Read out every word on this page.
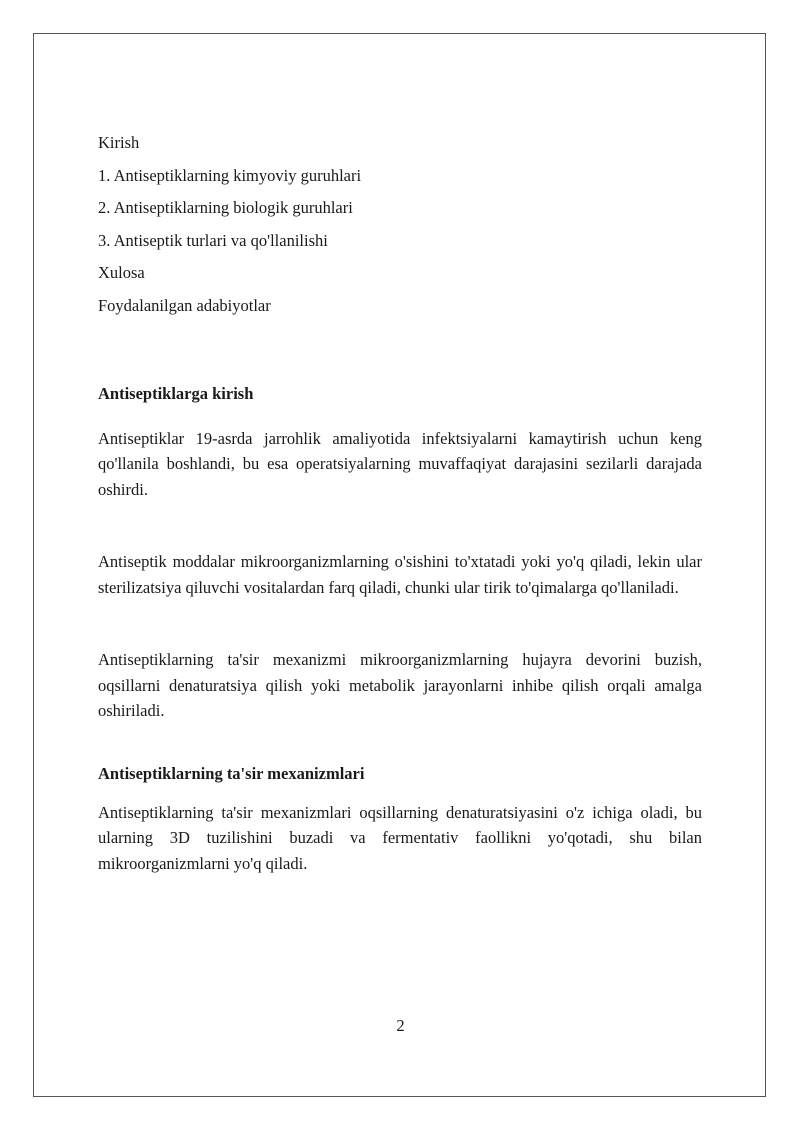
Kirish
1. Antiseptiklarning kimyoviy guruhlari
2. Antiseptiklarning biologik guruhlari
3. Antiseptik turlari va qo'llanilishi
Xulosa
Foydalanilgan adabiyotlar
Antiseptiklarga kirish

Antiseptiklar 19-asrda jarrohlik amaliyotida infektsiyalarni kamaytirish uchun keng qo'llanila boshlandi, bu esa operatsiyalarning muvaffaqiyat darajasini sezilarli darajada oshirdi.

Antiseptik moddalar mikroorganizmlarning o'sishini to'xtatadi yoki yo'q qiladi, lekin ular sterilizatsiya qiluvchi vositalardan farq qiladi, chunki ular tirik to'qimalarga qo'llaniladi.

Antiseptiklarning ta'sir mexanizmi mikroorganizmlarning hujayra devorini buzish, oqsillarni denaturatsiya qilish yoki metabolik jarayonlarni inhibe qilish orqali amalga oshiriladi.

Antiseptiklarning ta'sir mexanizmlari

Antiseptiklarning ta'sir mexanizmlari oqsillarning denaturatsiyasini o'z ichiga oladi, bu ularning 3D tuzilishini buzadi va fermentativ faollikni yo'qotadi, shu bilan mikroorganizmlarni yo'q qiladi.

2
